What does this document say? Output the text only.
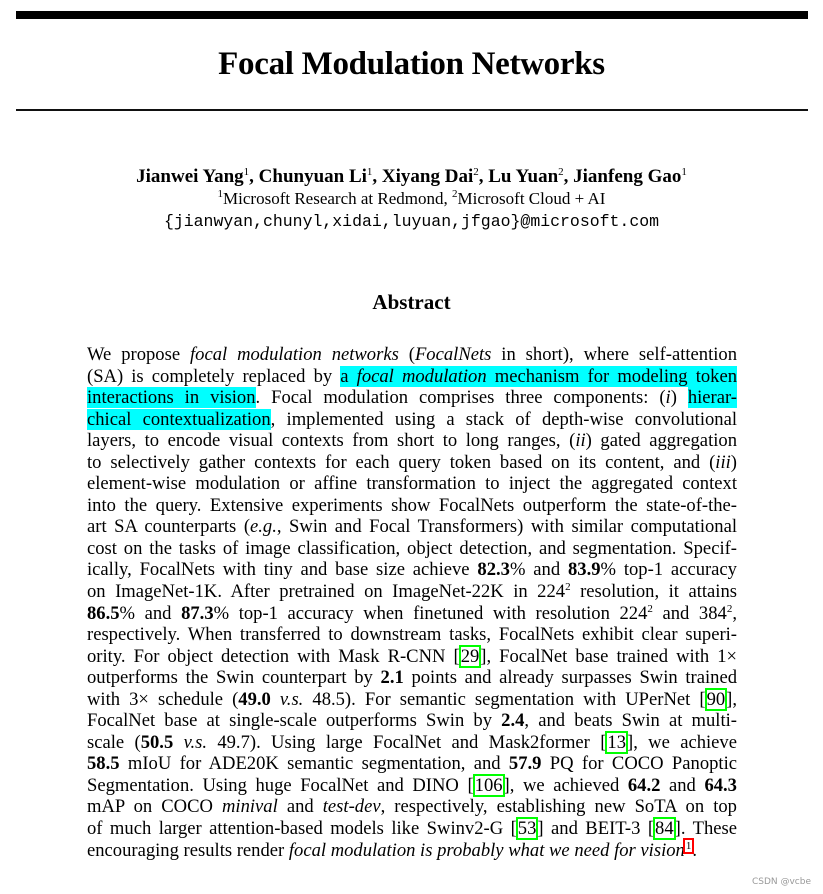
Focal Modulation Networks
Jianwei Yang$^1$, Chunyuan Li$^1$, Xiyang Dai$^2$, Lu Yuan$^2$, Jianfeng Gao$^1$
$^1$Microsoft Research at Redmond, $^2$Microsoft Cloud + AI
{jianwyan,chunyl,xidai,luyuan,jfgao}@microsoft.com
Abstract
We propose focal modulation networks (FocalNets in short), where self-attention
(SA) is completely replaced by a focal modulation mechanism for modeling token
interactions in vision. Focal modulation comprises three components: (i) hierar-
chical contextualization, implemented using a stack of depth-wise convolutional
layers, to encode visual contexts from short to long ranges, (ii) gated aggregation
to selectively gather contexts for each query token based on its content, and (iii)
element-wise modulation or affine transformation to inject the aggregated context
into the query. Extensive experiments show FocalNets outperform the state-of-the-
art SA counterparts (e.g., Swin and Focal Transformers) with similar computational
cost on the tasks of image classification, object detection, and segmentation. Specif-
ically, FocalNets with tiny and base size achieve 82.3% and 83.9% top-1 accuracy
on ImageNet-1K. After pretrained on ImageNet-22K in $224^2$ resolution, it attains
86.5% and 87.3% top-1 accuracy when finetuned with resolution $224^2$ and $384^2$,
respectively. When transferred to downstream tasks, FocalNets exhibit clear superi-
ority. For object detection with Mask R-CNN [29], FocalNet base trained with 1×
outperforms the Swin counterpart by 2.1 points and already surpasses Swin trained
with 3× schedule (49.0 v.s. 48.5). For semantic segmentation with UPerNet [90],
FocalNet base at single-scale outperforms Swin by 2.4, and beats Swin at multi-
scale (50.5 v.s. 49.7). Using large FocalNet and Mask2former [13], we achieve
58.5 mIoU for ADE20K semantic segmentation, and 57.9 PQ for COCO Panoptic
Segmentation. Using huge FocalNet and DINO [106], we achieved 64.2 and 64.3
mAP on COCO minival and test-dev, respectively, establishing new SoTA on top
of much larger attention-based models like Swinv2-G [53] and BEIT-3 [84]. These
encouraging results render focal modulation is probably what we need for vision$^1$.
CSDN @vcbe
